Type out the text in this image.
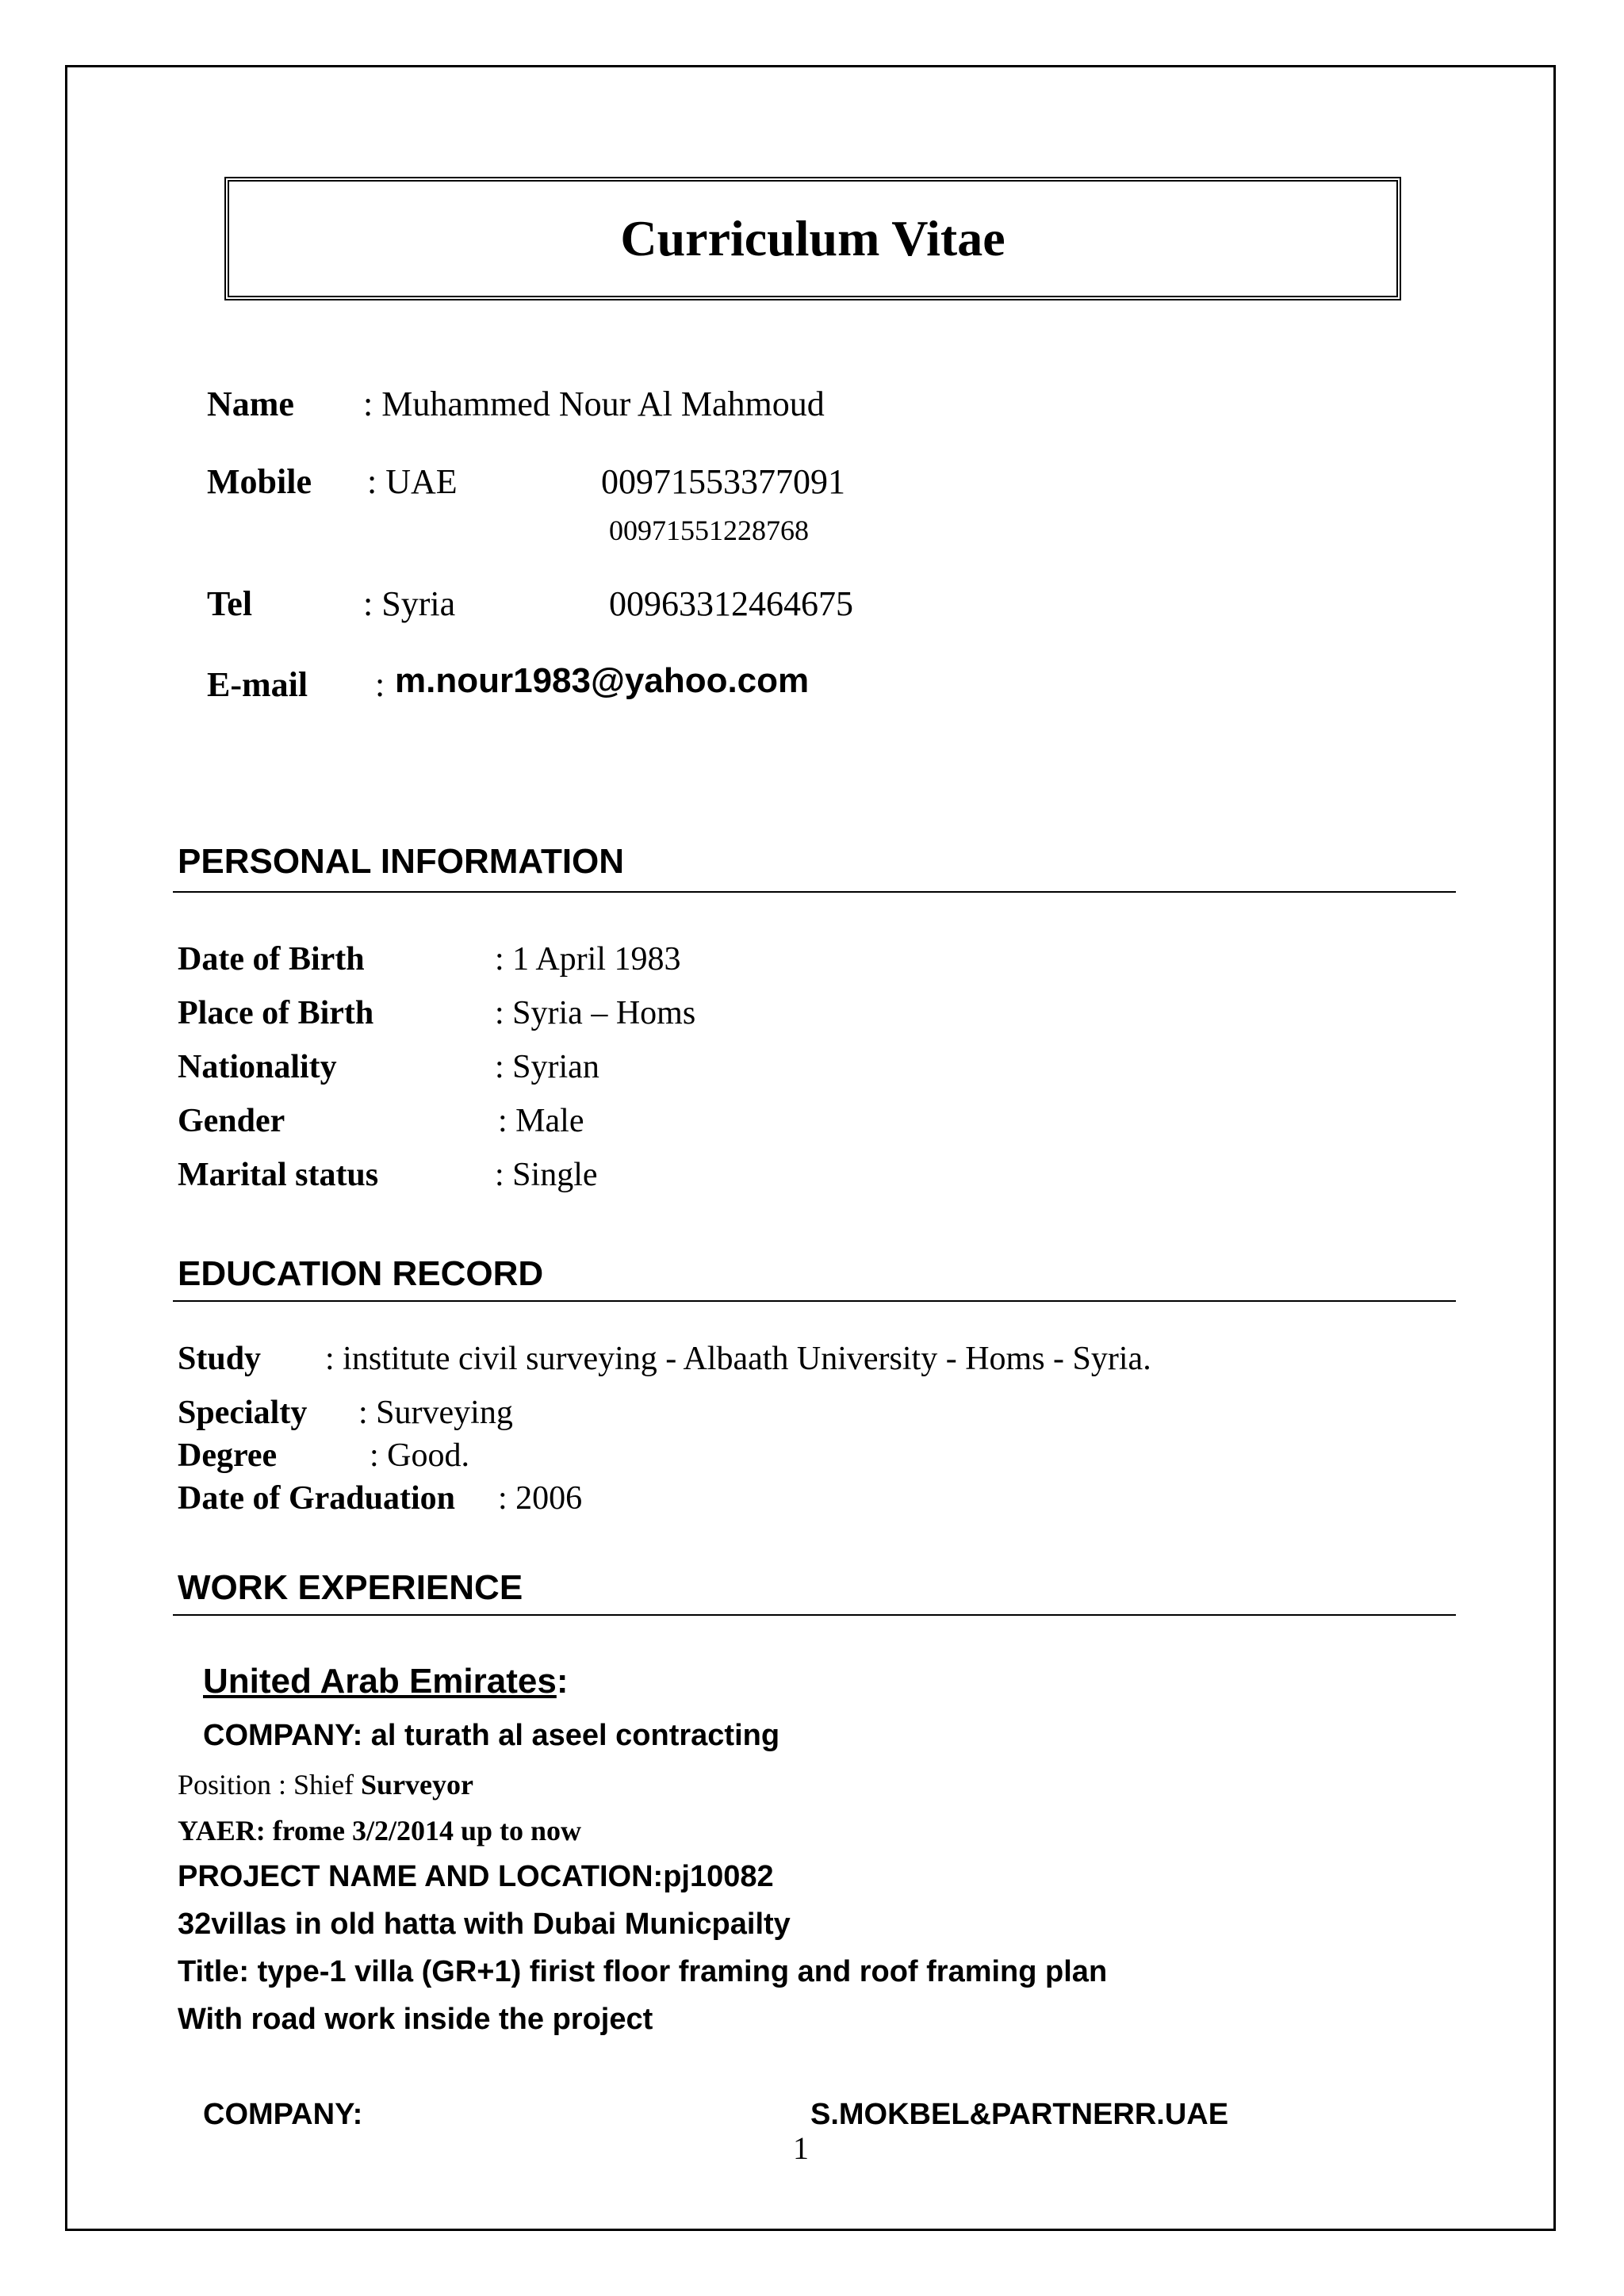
Curriculum Vitae
Name : Muhammed Nour Al Mahmoud
Mobile : UAE	00971553377091
00971551228768
Tel	: Syria	00963312464675
E-mail : m.nour1983@yahoo.com
PERSONAL INFORMATION
Date of Birth	: 1 April 1983
Place of Birth	: Syria – Homs
Nationality	: Syrian
Gender	: Male
Marital status	: Single
EDUCATION RECORD
Study : institute civil surveying - Albaath University - Homs - Syria.
Specialty : Surveying
Degree	: Good.
Date of Graduation : 2006
WORK EXPERIENCE
United Arab Emirates:
COMPANY: al turath al aseel contracting
Position : Shief Surveyor
YAER: frome 3/2/2014 up to now
PROJECT NAME AND LOCATION:pj10082
32villas in old hatta with Dubai Municpailty
Title: type-1 villa (GR+1) firist floor framing and roof framing plan
With road work inside the project
COMPANY:	S.MOKBEL&PARTNERR.UAE
1
